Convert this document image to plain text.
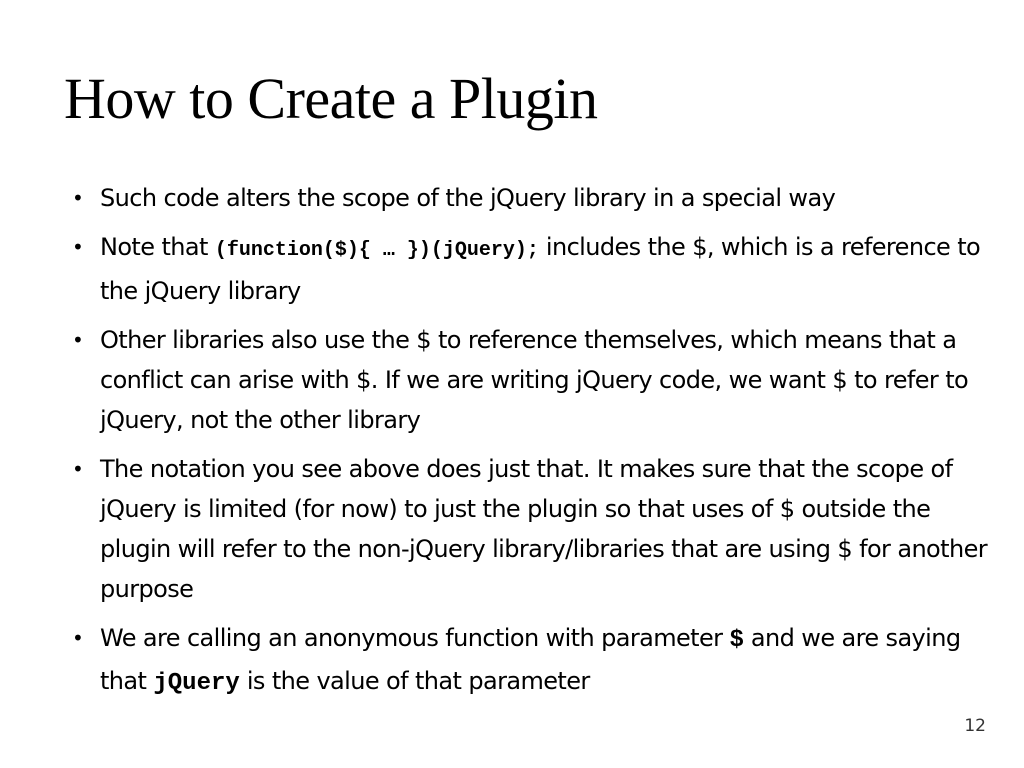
How to Create a Plugin
• Such code alters the scope of the jQuery library in a special way
• Note that (function($){ … })(jQuery); includes the $, which is a reference to the jQuery library
• Other libraries also use the $ to reference themselves, which means that a conflict can arise with $. If we are writing jQuery code, we want $ to refer to jQuery, not the other library
• The notation you see above does just that. It makes sure that the scope of jQuery is limited (for now) to just the plugin so that uses of $ outside the plugin will refer to the non-jQuery library/libraries that are using $ for another purpose
• We are calling an anonymous function with parameter $ and we are saying that jQuery is the value of that parameter
12
